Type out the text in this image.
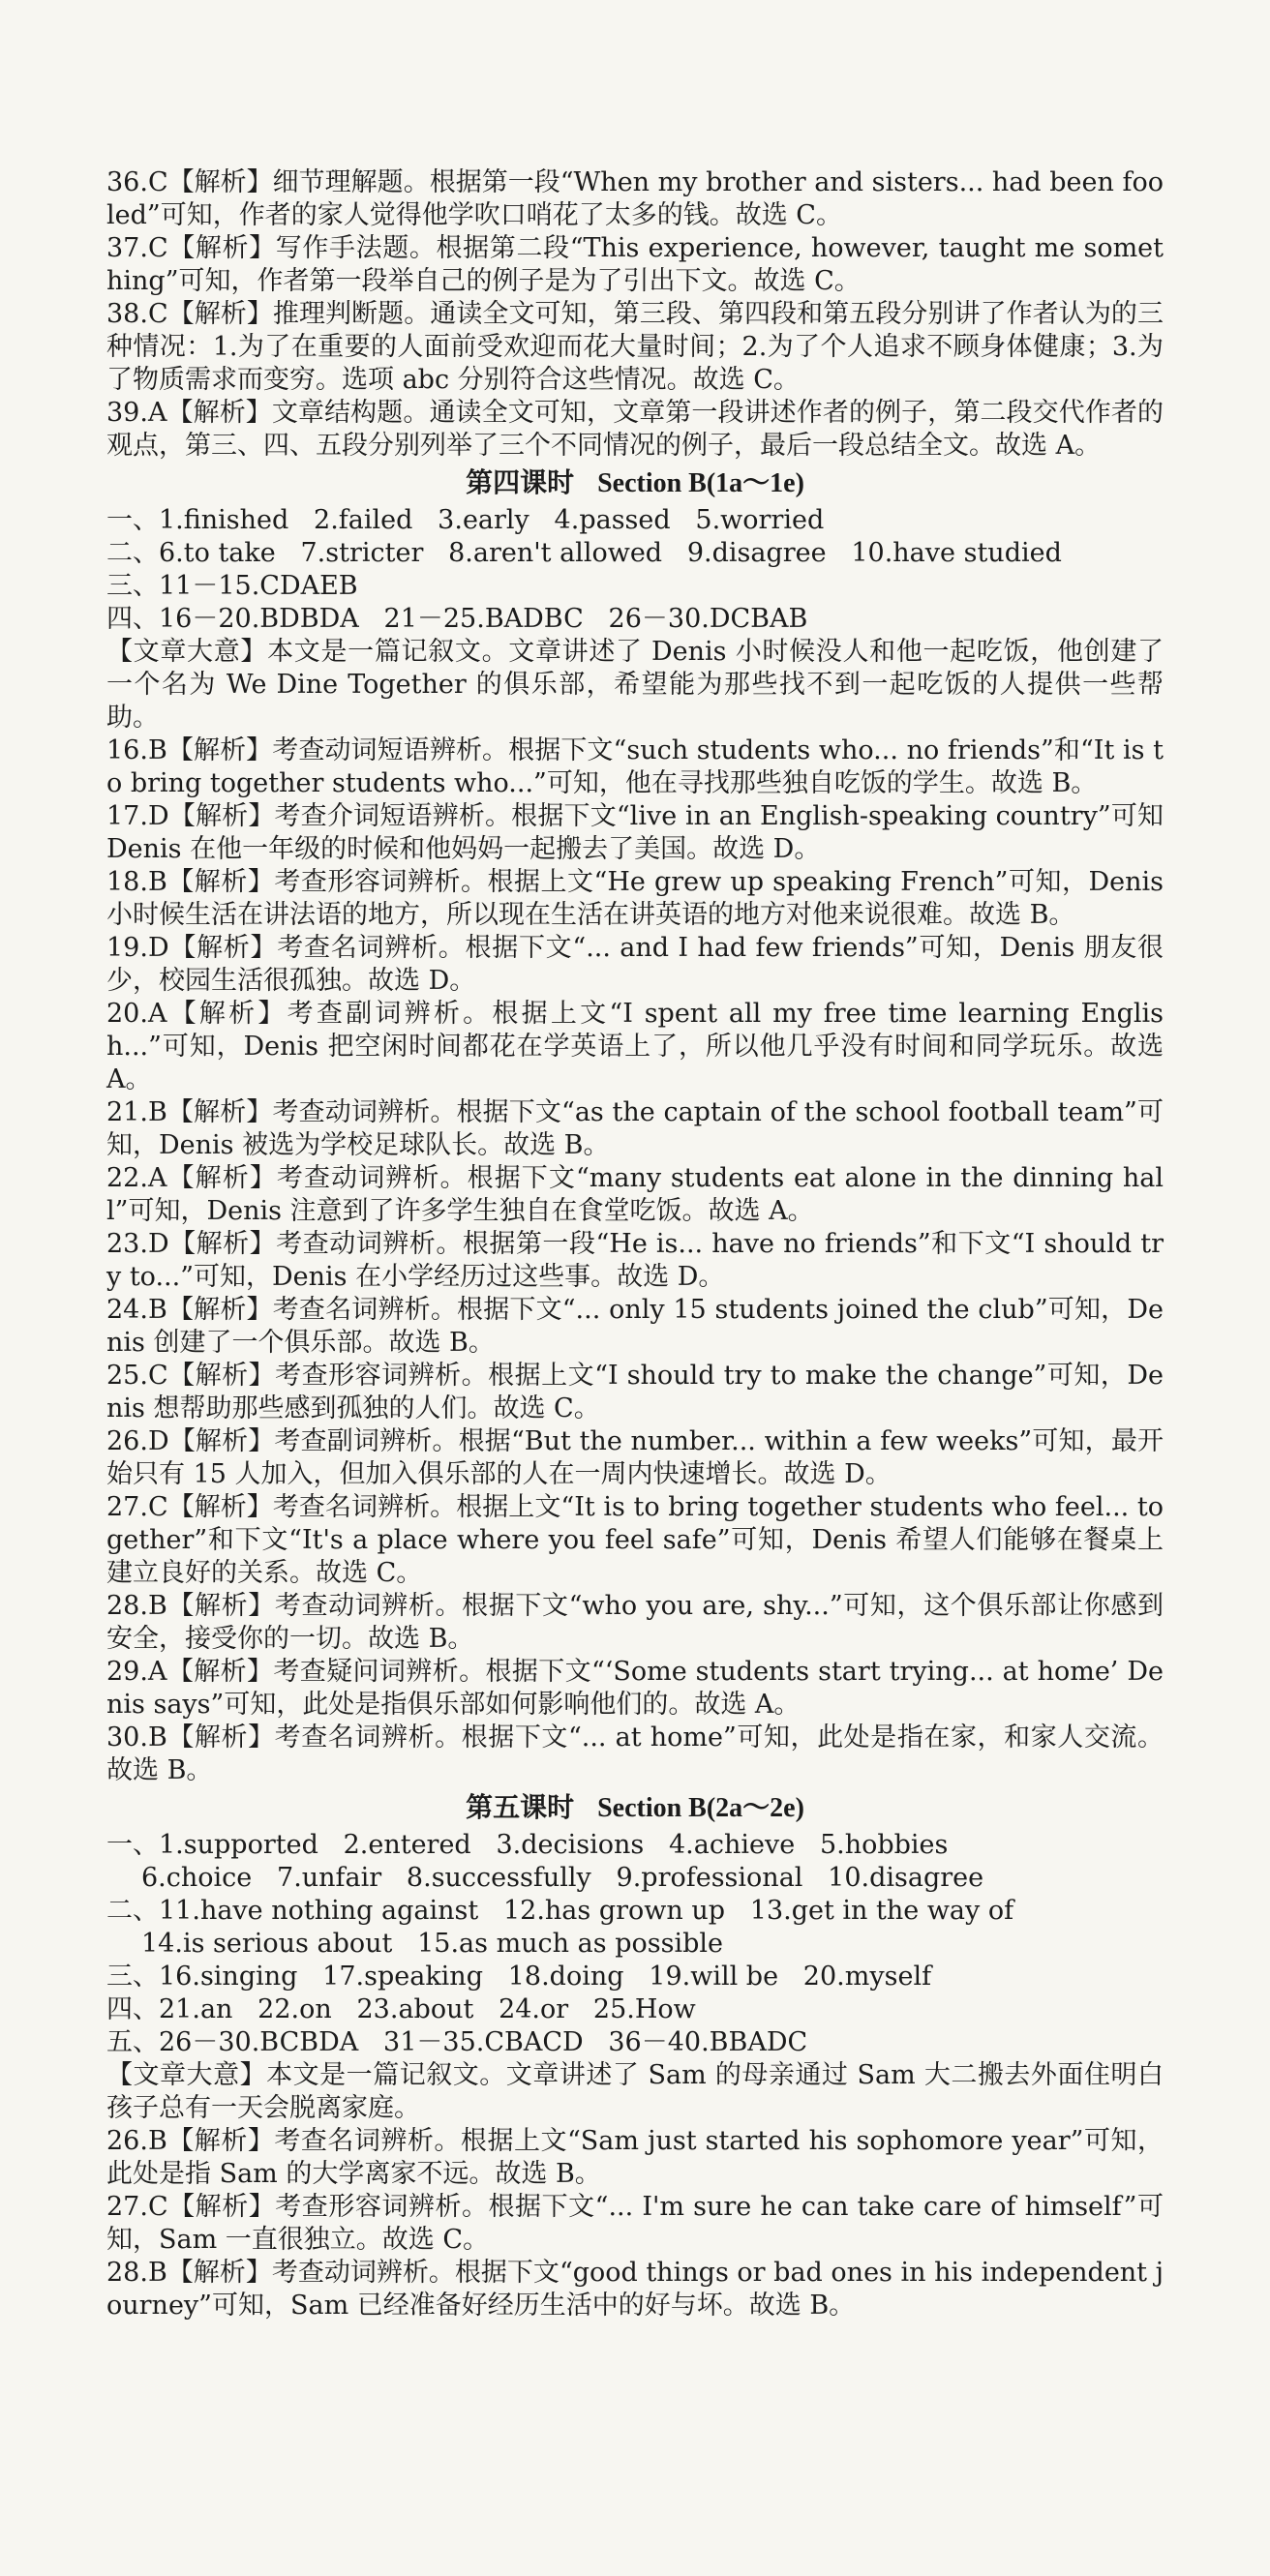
36.C【解析】细节理解题。根据第一段“When my brother and sisters... had been fooled”可知，作者的家人觉得他学吹口哨花了太多的钱。故选 C。

37.C【解析】写作手法题。根据第二段“This experience, however, taught me something”可知，作者第一段举自己的例子是为了引出下文。故选 C。

38.C【解析】推理判断题。通读全文可知，第三段、第四段和第五段分别讲了作者认为的三种情况：1.为了在重要的人面前受欢迎而花大量时间；2.为了个人追求不顾身体健康；3.为了物质需求而变穷。选项 abc 分别符合这些情况。故选 C。

39.A【解析】文章结构题。通读全文可知，文章第一段讲述作者的例子，第二段交代作者的观点，第三、四、五段分别列举了三个不同情况的例子，最后一段总结全文。故选 A。

第四课时 Section B(1a～1e)

一、1.finished   2.failed   3.early   4.passed   5.worried

二、6.to take   7.stricter   8.aren't allowed   9.disagree   10.have studied

三、11－15.CDAEB

四、16－20.BDBDA   21－25.BADBC   26－30.DCBAB

【文章大意】本文是一篇记叙文。文章讲述了 Denis 小时候没人和他一起吃饭，他创建了一个名为 We Dine Together 的俱乐部，希望能为那些找不到一起吃饭的人提供一些帮助。

16.B【解析】考查动词短语辨析。根据下文“such students who... no friends”和“It is to bring together students who...”可知，他在寻找那些独自吃饭的学生。故选 B。

17.D【解析】考查介词短语辨析。根据下文“live in an English-speaking country”可知 Denis 在他一年级的时候和他妈妈一起搬去了美国。故选 D。

18.B【解析】考查形容词辨析。根据上文“He grew up speaking French”可知，Denis 小时候生活在讲法语的地方，所以现在生活在讲英语的地方对他来说很难。故选 B。

19.D【解析】考查名词辨析。根据下文“... and I had few friends”可知，Denis 朋友很少，校园生活很孤独。故选 D。

20.A【解析】考查副词辨析。根据上文“I spent all my free time learning English...”可知，Denis 把空闲时间都花在学英语上了，所以他几乎没有时间和同学玩乐。故选 A。

21.B【解析】考查动词辨析。根据下文“as the captain of the school football team”可知，Denis 被选为学校足球队长。故选 B。

22.A【解析】考查动词辨析。根据下文“many students eat alone in the dinning hall”可知，Denis 注意到了许多学生独自在食堂吃饭。故选 A。

23.D【解析】考查动词辨析。根据第一段“He is... have no friends”和下文“I should try to...”可知，Denis 在小学经历过这些事。故选 D。

24.B【解析】考查名词辨析。根据下文“... only 15 students joined the club”可知，Denis 创建了一个俱乐部。故选 B。

25.C【解析】考查形容词辨析。根据上文“I should try to make the change”可知，Denis 想帮助那些感到孤独的人们。故选 C。

26.D【解析】考查副词辨析。根据“But the number... within a few weeks”可知，最开始只有 15 人加入，但加入俱乐部的人在一周内快速增长。故选 D。

27.C【解析】考查名词辨析。根据上文“It is to bring together students who feel... together”和下文“It's a place where you feel safe”可知，Denis 希望人们能够在餐桌上建立良好的关系。故选 C。

28.B【解析】考查动词辨析。根据下文“who you are, shy...”可知，这个俱乐部让你感到安全，接受你的一切。故选 B。

29.A【解析】考查疑问词辨析。根据下文“‘Some students start trying... at home’ Denis says”可知，此处是指俱乐部如何影响他们的。故选 A。

30.B【解析】考查名词辨析。根据下文“... at home”可知，此处是指在家，和家人交流。故选 B。

第五课时 Section B(2a～2e)

一、1.supported   2.entered   3.decisions   4.achieve   5.hobbies

6.choice   7.unfair   8.successfully   9.professional   10.disagree

二、11.have nothing against   12.has grown up   13.get in the way of

14.is serious about   15.as much as possible

三、16.singing   17.speaking   18.doing   19.will be   20.myself

四、21.an   22.on   23.about   24.or   25.How

五、26－30.BCBDA   31－35.CBACD   36－40.BBADC

【文章大意】本文是一篇记叙文。文章讲述了 Sam 的母亲通过 Sam 大二搬去外面住明白孩子总有一天会脱离家庭。

26.B【解析】考查名词辨析。根据上文“Sam just started his sophomore year”可知，此处是指 Sam 的大学离家不远。故选 B。

27.C【解析】考查形容词辨析。根据下文“... I'm sure he can take care of himself”可知，Sam 一直很独立。故选 C。

28.B【解析】考查动词辨析。根据下文“good things or bad ones in his independent journey”可知，Sam 已经准备好经历生活中的好与坏。故选 B。
